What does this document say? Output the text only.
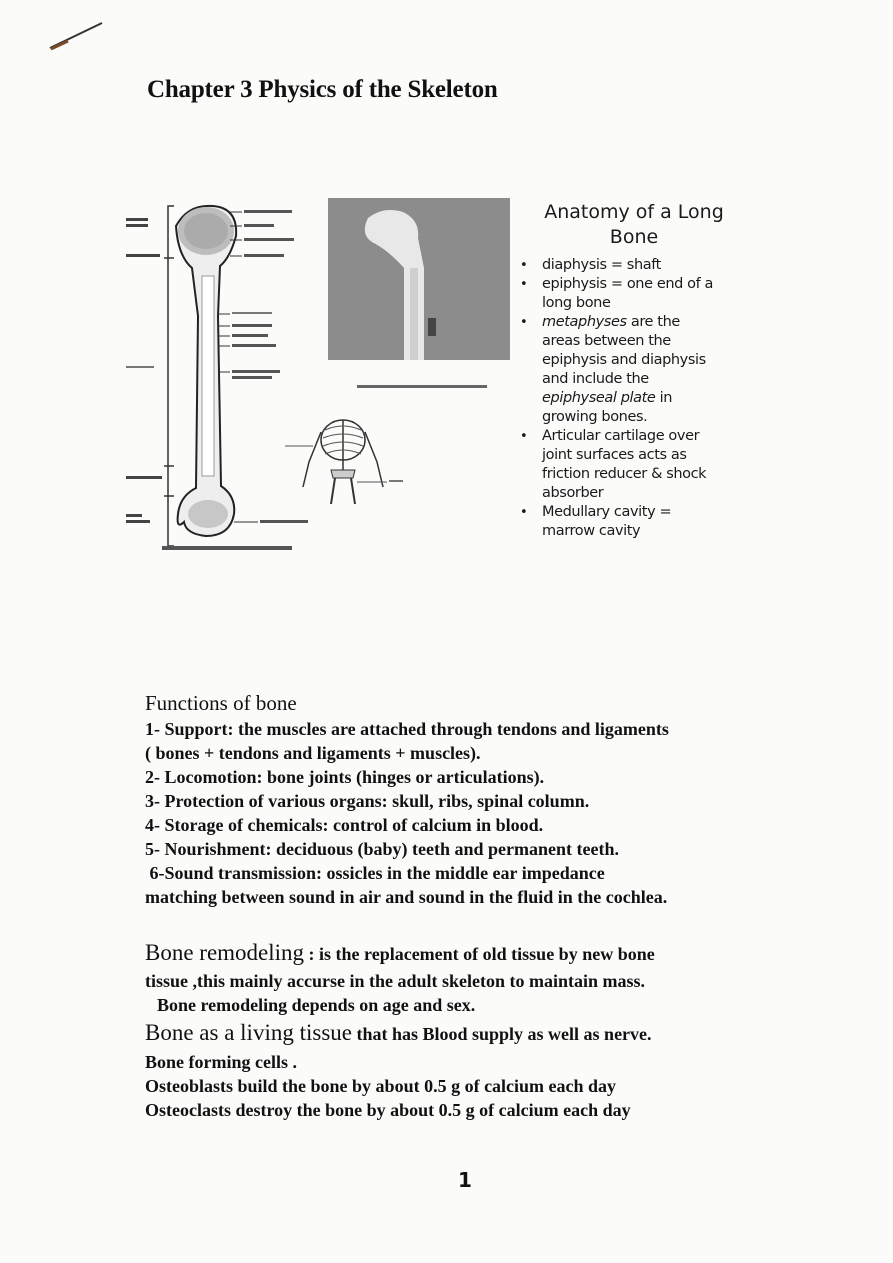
Chapter 3 Physics of the Skeleton
Anatomy of a Long
Bone
• diaphysis = shaft
• epiphysis = one end of a
long bone
• metaphyses are the
areas between the
epiphysis and diaphysis
and include the
epiphyseal plate in
growing bones.
• Articular cartilage over
joint surfaces acts as
friction reducer & shock
absorber
• Medullary cavity =
marrow cavity
Functions of bone

1- Support: the muscles are attached through tendons and ligaments

( bones + tendons and ligaments + muscles).

2- Locomotion: bone joints (hinges or articulations).

3- Protection of various organs: skull, ribs, spinal column.

4- Storage of chemicals: control of calcium in blood.

5- Nourishment: deciduous (baby) teeth and permanent teeth.

6-Sound transmission: ossicles in the middle ear impedance

matching between sound in air and sound in the fluid in the cochlea.

Bone remodeling : is the replacement of old tissue by new bone

tissue ,this mainly accurse in the adult skeleton to maintain mass.

Bone remodeling depends on age and sex.

Bone as a living tissue that has Blood supply as well as nerve.

Bone forming cells .

Osteoblasts build the bone by about 0.5 g of calcium each day

Osteoclasts destroy the bone by about 0.5 g of calcium each day

1
